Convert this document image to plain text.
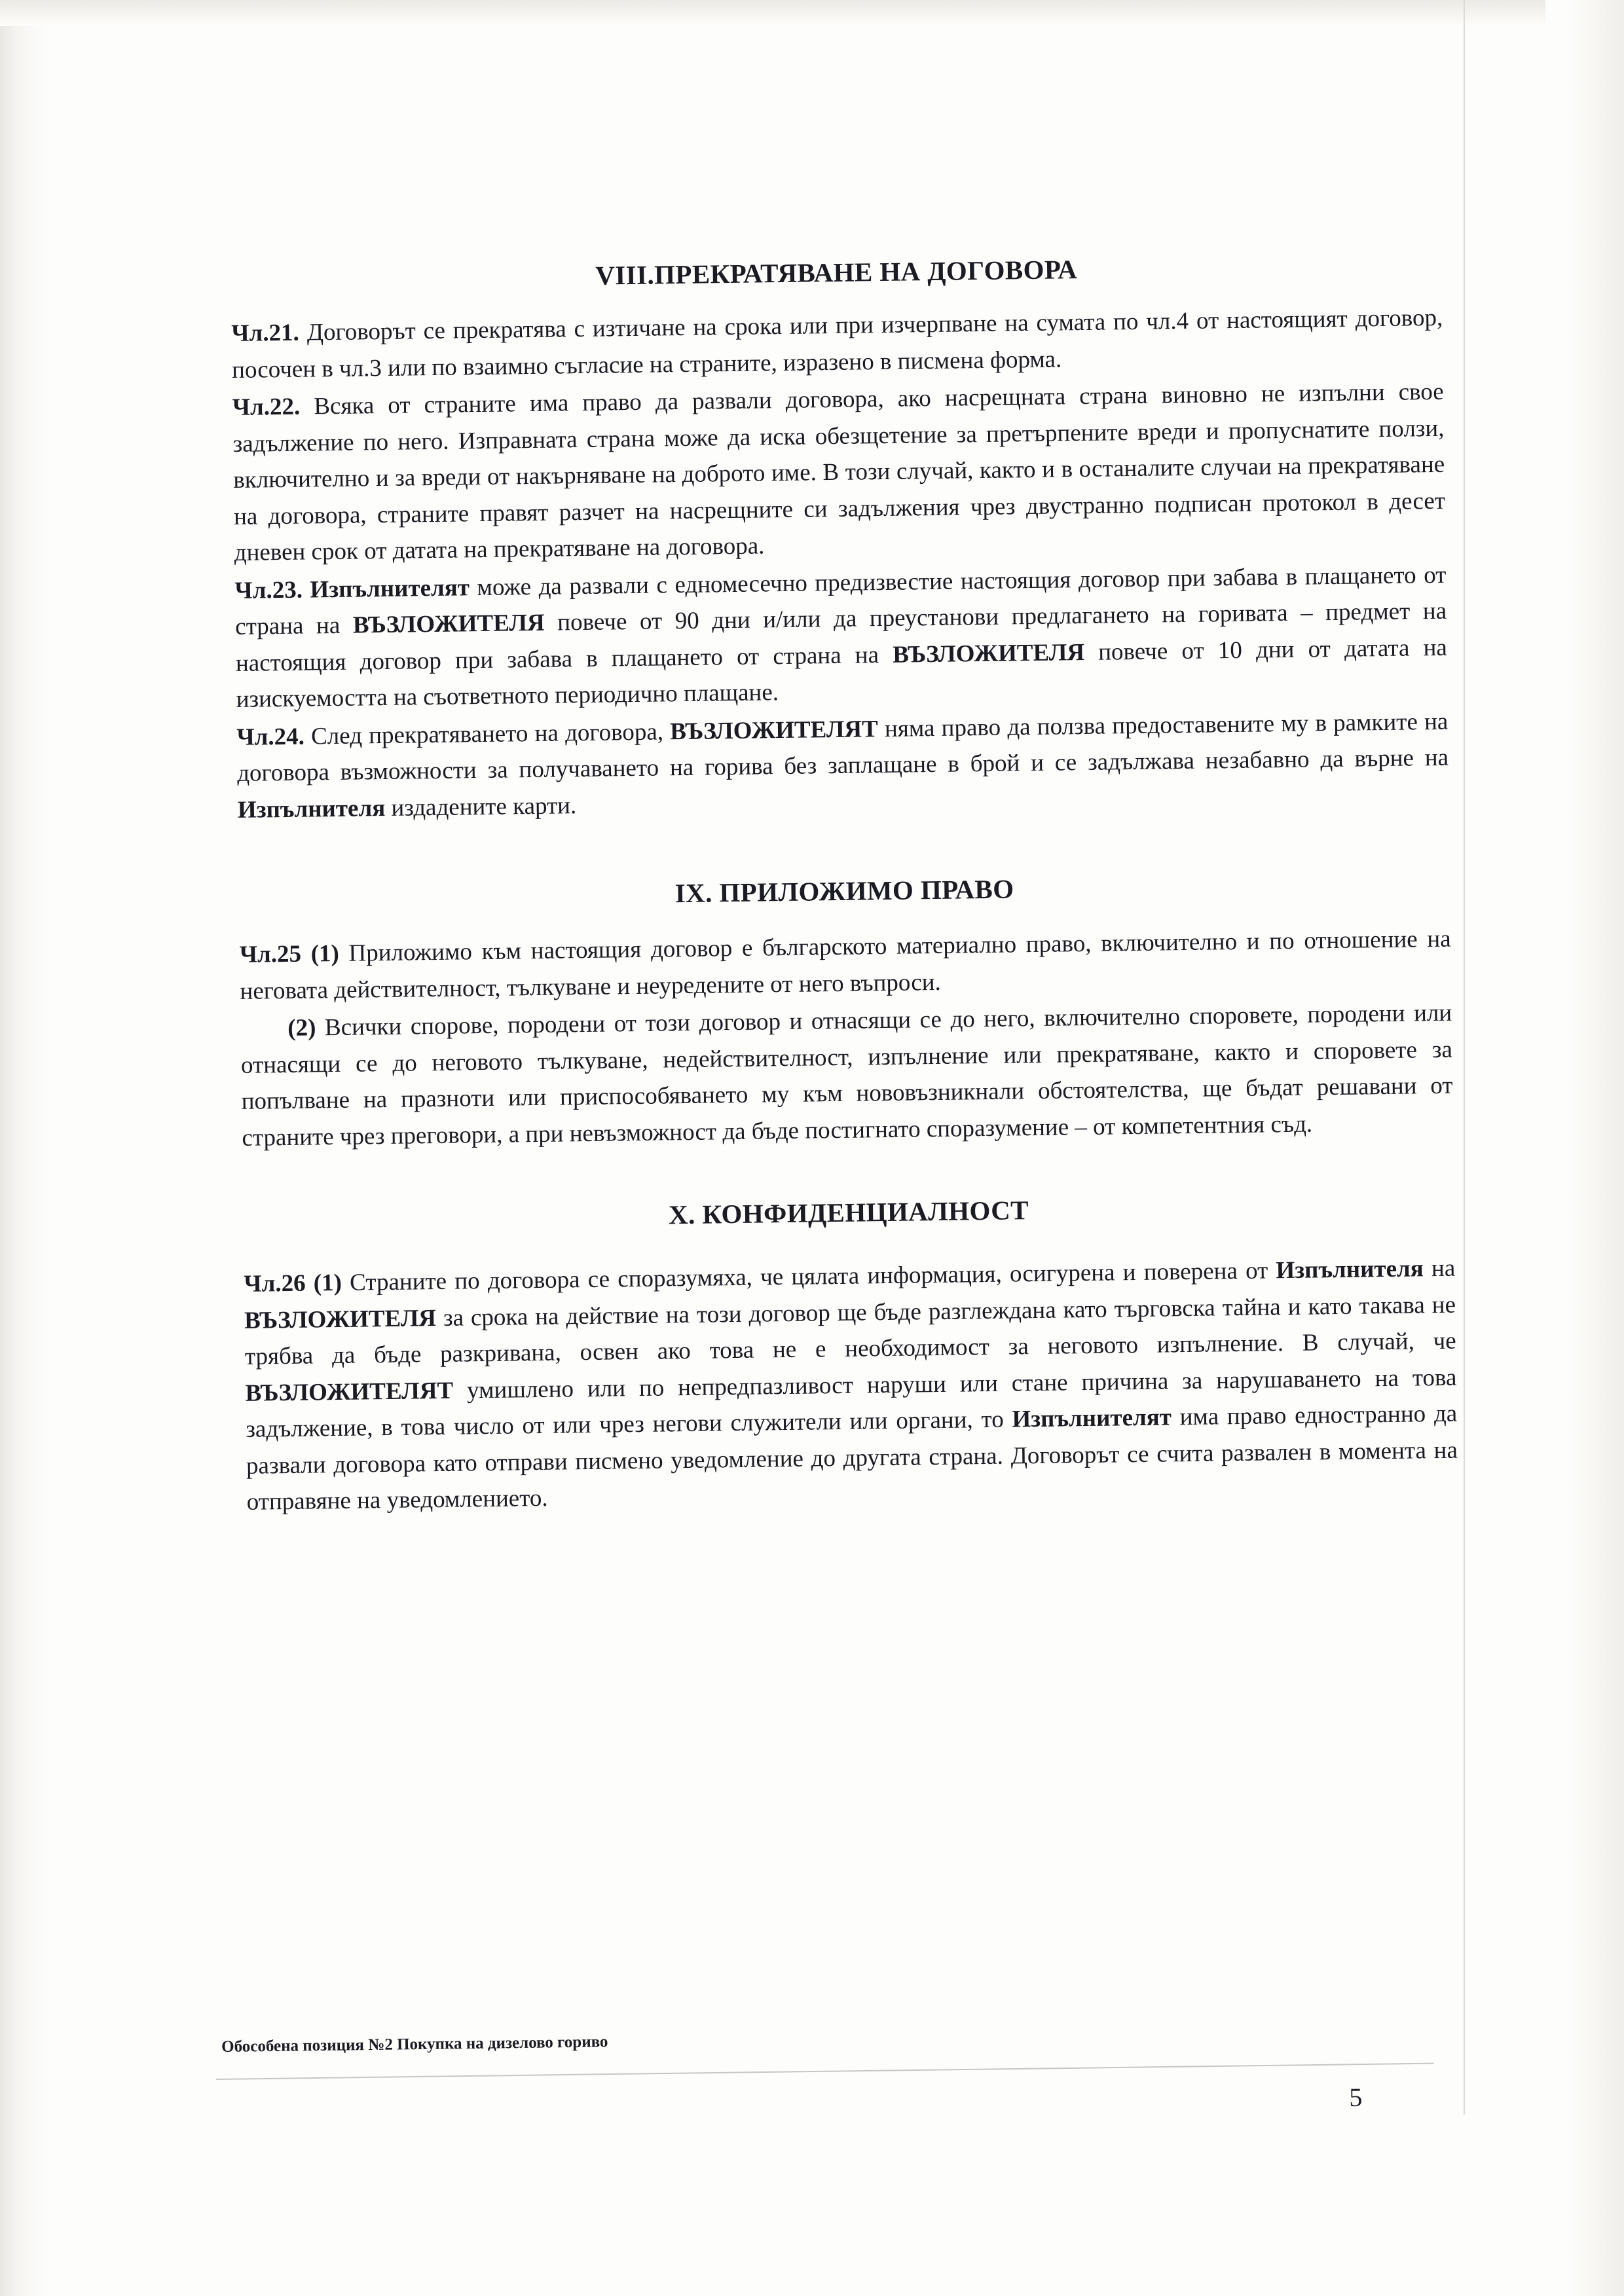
VIII.ПРЕКРАТЯВАНЕ НА ДОГОВОРА

Чл.21. Договорът се прекратява с изтичане на срока или при изчерпване на сумата по чл.4 от настоящият договор, посочен в чл.3 или по взаимно съгласие на страните, изразено в писмена форма.

Чл.22. Всяка от страните има право да развали договора, ако насрещната страна виновно не изпълни свое задължение по него. Изправната страна може да иска обезщетение за претърпените вреди и пропуснатите ползи, включително и за вреди от накърняване на доброто име. В този случай, както и в останалите случаи на прекратяване на договора, страните правят разчет на насрещните си задължения чрез двустранно подписан протокол в десет дневен срок от датата на прекратяване на договора.

Чл.23. Изпълнителят може да развали с едномесечно предизвестие настоящия договор при забава в плащането от страна на ВЪЗЛОЖИТЕЛЯ повече от 90 дни и/или да преустанови предлагането на горивата – предмет на настоящия договор при забава в плащането от страна на ВЪЗЛОЖИТЕЛЯ повече от 10 дни от датата на изискуемостта на съответното периодично плащане.

Чл.24. След прекратяването на договора, ВЪЗЛОЖИТЕЛЯТ няма право да ползва предоставените му в рамките на договора възможности за получаването на горива без заплащане в брой и се задължава незабавно да върне на Изпълнителя издадените карти.

IX. ПРИЛОЖИМО ПРАВО

Чл.25 (1) Приложимо към настоящия договор е българското материално право, включително и по отношение на неговата действителност, тълкуване и неуредените от него въпроси.

(2) Всички спорове, породени от този договор и отнасящи се до него, включително споровете, породени или отнасящи се до неговото тълкуване, недействителност, изпълнение или прекратяване, както и споровете за попълване на празноти или приспособяването му към нововъзникнали обстоятелства, ще бъдат решавани от страните чрез преговори, а при невъзможност да бъде постигнато споразумение – от компетентния съд.

X. КОНФИДЕНЦИАЛНОСТ

Чл.26 (1) Страните по договора се споразумяха, че цялата информация, осигурена и поверена от Изпълнителя на ВЪЗЛОЖИТЕЛЯ за срока на действие на този договор ще бъде разглеждана като търговска тайна и като такава не трябва да бъде разкривана, освен ако това не е необходимост за неговото изпълнение. В случай, че ВЪЗЛОЖИТЕЛЯТ умишлено или по непредпазливост наруши или стане причина за нарушаването на това задължение, в това число от или чрез негови служители или органи, то Изпълнителят има право едностранно да развали договора като отправи писмено уведомление до другата страна. Договорът се счита развален в момента на отправяне на уведомлението.

Обособена позиция №2 Покупка на дизелово гориво
5
